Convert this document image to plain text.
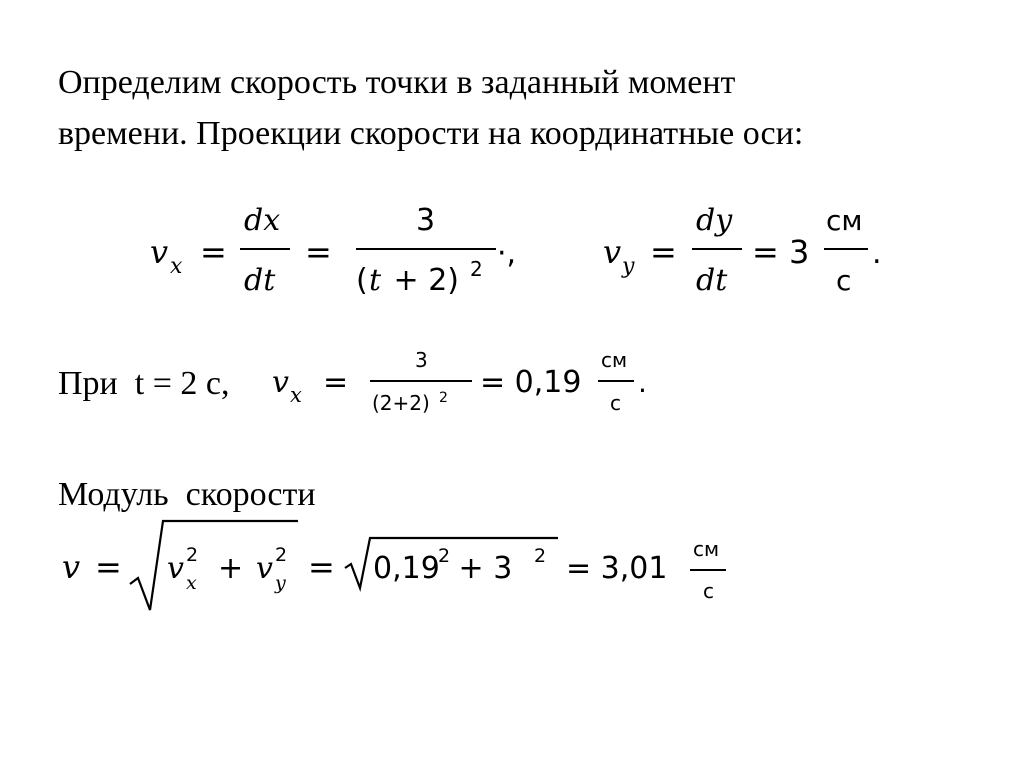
Определим скорость точки в заданный момент
времени. Проекции скорости на координатные оси:
v x =
dx
dt
=
3
( t + 2) 2 ·,	v y =
dy
dt
= 3
см
с
.
При  t = 2 с, v x =
3
(2+2) 2 = 0,19
см
с
.
Модуль  скорости
v = v 2
x + v 2
y = 0,19
2
+ 3 2 = 3,01
см
с
